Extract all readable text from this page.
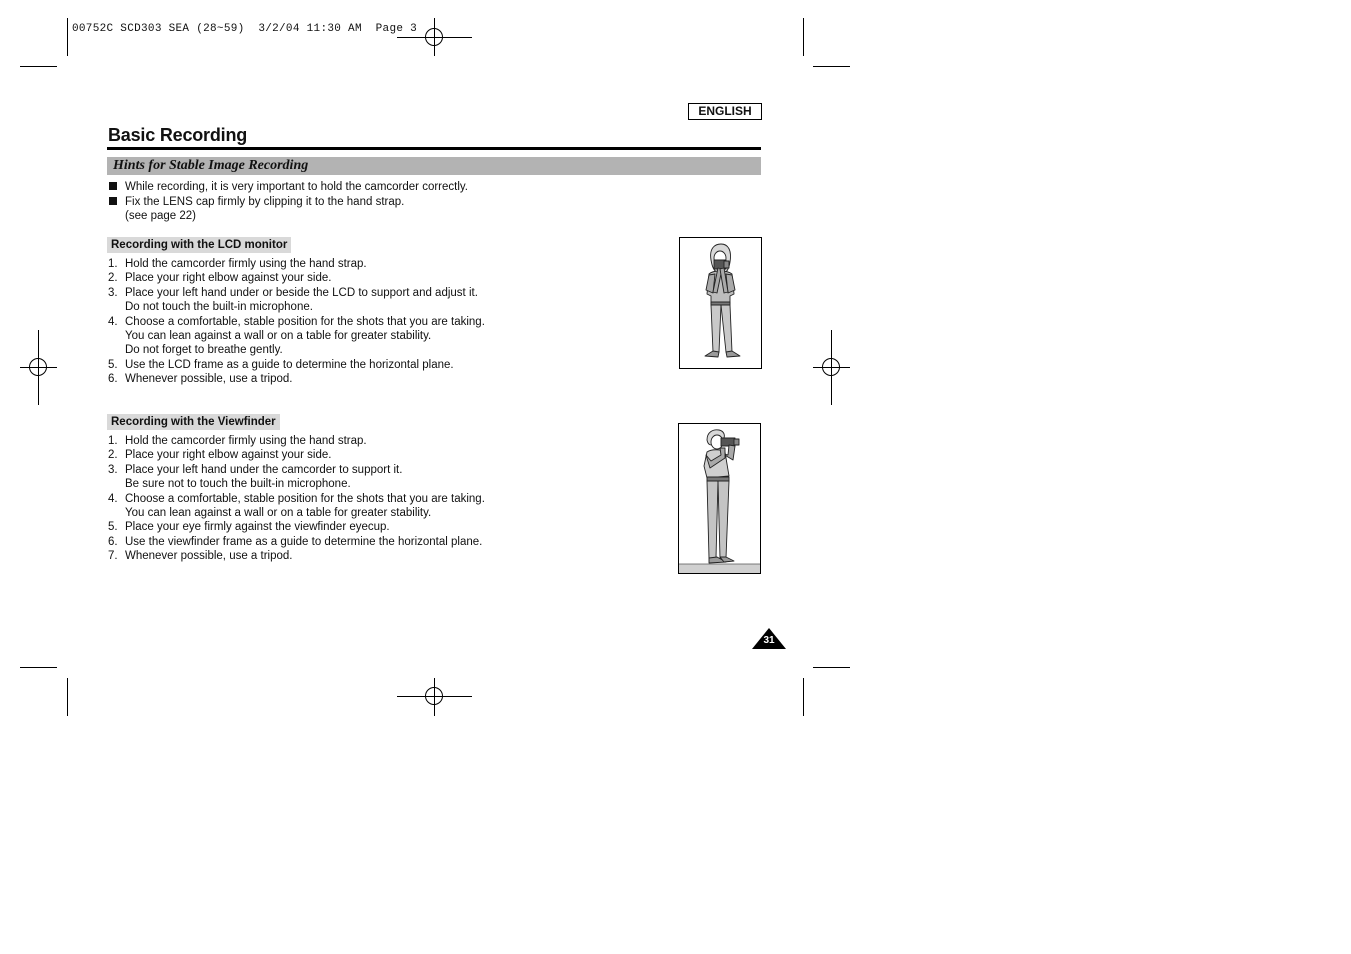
00752C SCD303 SEA (28~59)  3/2/04 11:30 AM  Page 3
ENGLISH
Basic Recording
Hints for Stable Image Recording
While recording, it is very important to hold the camcorder correctly.
Fix the LENS cap firmly by clipping it to the hand strap.
(see page 22)
Recording with the LCD monitor
1. Hold the camcorder firmly using the hand strap.
2. Place your right elbow against your side.
3. Place your left hand under or beside the LCD to support and adjust it.
Do not touch the built-in microphone.
4. Choose a comfortable, stable position for the shots that you are taking.
You can lean against a wall or on a table for greater stability.
Do not forget to breathe gently.
5. Use the LCD frame as a guide to determine the horizontal plane.
6. Whenever possible, use a tripod.
Recording with the Viewfinder
1. Hold the camcorder firmly using the hand strap.
2. Place your right elbow against your side.
3. Place your left hand under the camcorder to support it.
Be sure not to touch the built-in microphone.
4. Choose a comfortable, stable position for the shots that you are taking.
You can lean against a wall or on a table for greater stability.
5. Place your eye firmly against the viewfinder eyecup.
6. Use the viewfinder frame as a guide to determine the horizontal plane.
7. Whenever possible, use a tripod.
31
